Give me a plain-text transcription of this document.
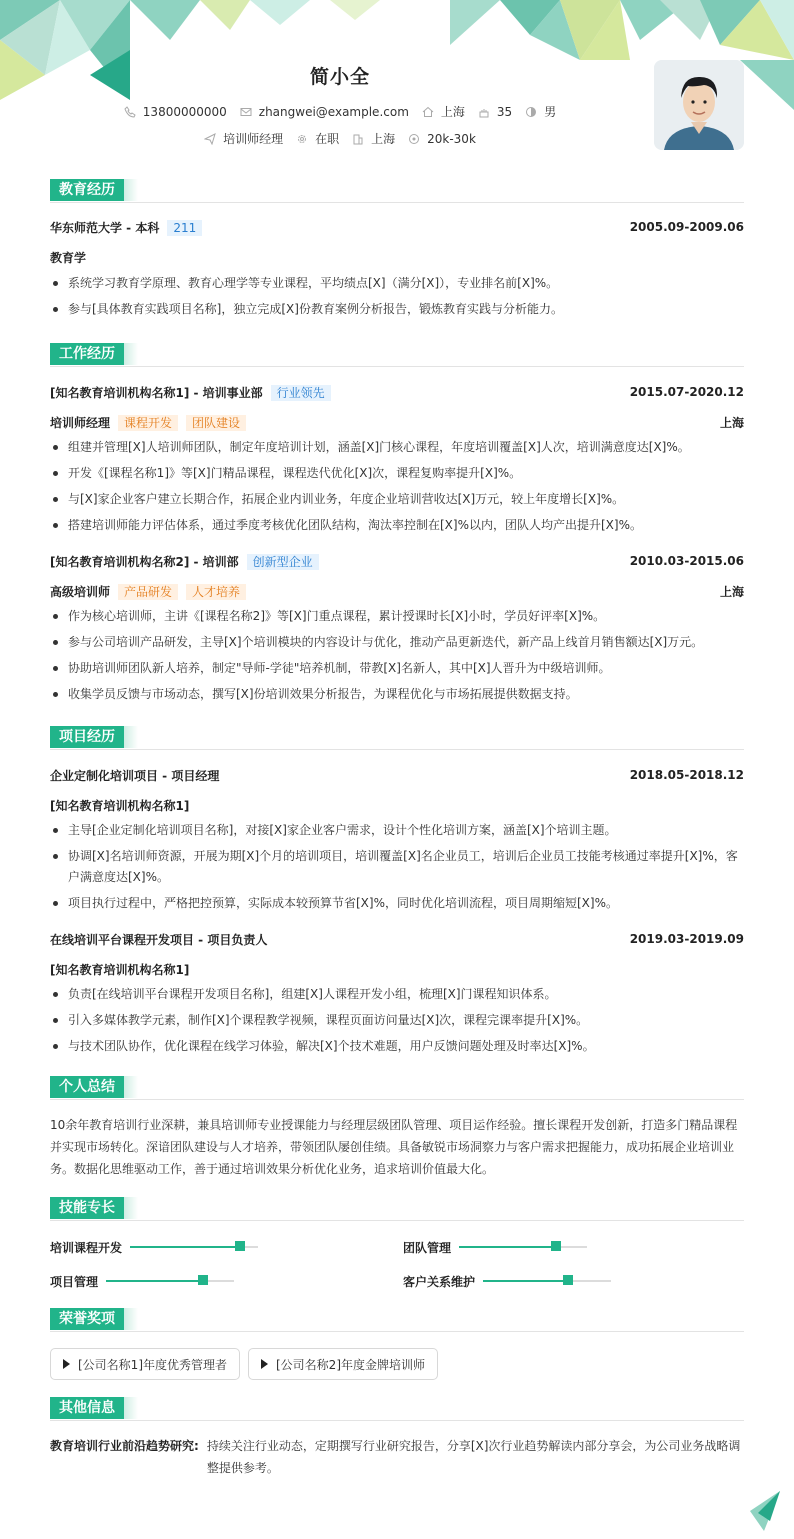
简小全
13800000000	zhangwei@example.com	上海	35	男
培训师经理	在职	上海	20k-30k
教育经历
华东师范大学 - 本科 211	2005.09-2009.06
教育学
系统学习教育学原理、教育心理学等专业课程，平均绩点[X]（满分[X]），专业排名前[X]%。
参与[具体教育实践项目名称]，独立完成[X]份教育案例分析报告，锻炼教育实践与分析能力。
工作经历
[知名教育培训机构名称1] - 培训事业部 行业领先	2015.07-2020.12
培训师经理 课程开发 团队建设	上海
组建并管理[X]人培训师团队，制定年度培训计划，涵盖[X]门核心课程，年度培训覆盖[X]人次，培训满意度达[X]%。
开发《[课程名称1]》等[X]门精品课程，课程迭代优化[X]次，课程复购率提升[X]%。
与[X]家企业客户建立长期合作，拓展企业内训业务，年度企业培训营收达[X]万元，较上年度增长[X]%。
搭建培训师能力评估体系，通过季度考核优化团队结构，淘汰率控制在[X]%以内，团队人均产出提升[X]%。
[知名教育培训机构名称2] - 培训部 创新型企业	2010.03-2015.06
高级培训师 产品研发 人才培养	上海
作为核心培训师，主讲《[课程名称2]》等[X]门重点课程，累计授课时长[X]小时，学员好评率[X]%。
参与公司培训产品研发，主导[X]个培训模块的内容设计与优化，推动产品更新迭代，新产品上线首月销售额达[X]万元。
协助培训师团队新人培养，制定"导师-学徒"培养机制，带教[X]名新人，其中[X]人晋升为中级培训师。
收集学员反馈与市场动态，撰写[X]份培训效果分析报告，为课程优化与市场拓展提供数据支持。
项目经历
企业定制化培训项目 - 项目经理	2018.05-2018.12
[知名教育培训机构名称1]
主导[企业定制化培训项目名称]，对接[X]家企业客户需求，设计个性化培训方案，涵盖[X]个培训主题。
协调[X]名培训师资源，开展为期[X]个月的培训项目，培训覆盖[X]名企业员工，培训后企业员工技能考核通过率提升[X]%，客户满意度达[X]%。
项目执行过程中，严格把控预算，实际成本较预算节省[X]%，同时优化培训流程，项目周期缩短[X]%。
在线培训平台课程开发项目 - 项目负责人	2019.03-2019.09
[知名教育培训机构名称1]
负责[在线培训平台课程开发项目名称]，组建[X]人课程开发小组，梳理[X]门课程知识体系。
引入多媒体教学元素，制作[X]个课程教学视频，课程页面访问量达[X]次，课程完课率提升[X]%。
与技术团队协作，优化课程在线学习体验，解决[X]个技术难题，用户反馈问题处理及时率达[X]%。
个人总结

10余年教育培训行业深耕，兼具培训师专业授课能力与经理层级团队管理、项目运作经验。擅长课程开发创新，打造多门精品课程并实现市场转化。深谙团队建设与人才培养，带领团队屡创佳绩。具备敏锐市场洞察力与客户需求把握能力，成功拓展企业培训业务。数据化思维驱动工作，善于通过培训效果分析优化业务，追求培训价值最大化。

技能专长
培训课程开发	团队管理
项目管理	客户关系维护
荣誉奖项
[公司名称1]年度优秀管理者	[公司名称2]年度金牌培训师
其他信息
教育培训行业前沿趋势研究: 持续关注行业动态，定期撰写行业研究报告，分享[X]次行业趋势解读内部分享会，为公司业务战略调整提供参考。
